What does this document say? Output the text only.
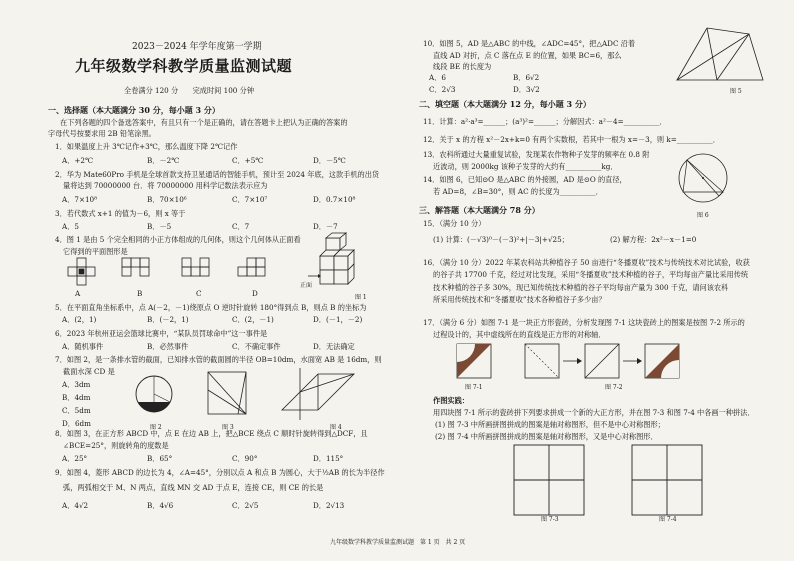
2023－2024 年学年度第一学期
九年级数学科教学质量监测试题
全卷满分 120 分　　完成时间 100 分钟
一、选择题（本大题满分 30 分，每小题 3 分）
在下列各题的四个备选答案中，有且只有一个是正确的，请在答题卡上把认为正确的答案的
字母代号按要求用 2B 铅笔涂黑。
1．如果温度上升 3℃记作+3℃，那么温度下降 2℃记作
A．+2℃	B．－2℃	C．+5℃	D．－5℃
2．华为 Mate60Pro 手机是全球首款支持卫星通话的智能手机，预计至 2024 年底，这款手机的出货
量将达到 70000000 台．将 70000000 用科学记数法表示应为
A．7×10⁸	B．70×10⁶	C．7×10⁷	D．0.7×10⁸
3．若代数式 x+1 的值为－6，则 x 等于
A．5	B．－5	C．7	D．－7
4．图 1 是由 5 个完全相同的小正方体组成的几何体，则这个几何体从正面看
它得到的平面图形是
A	B	C	D
正面
图 1
5．在平面直角坐标系中，点 A(－2，－1)绕原点 O 逆时针旋转 180°得到点 B，则点 B 的坐标为
A．(2，1)	B．(－2，1)	C．(2，－1)	D．(－1，－2)
6．2023 年杭州亚运会篮球比赛中，“某队员罚球命中”这一事件是
A．随机事件	B．必然事件	C．不确定事件	D．无法确定
7．如图 2，是一条排水管的截面，已知排水管的截面圆的半径 OB=10dm，水面宽 AB 是 16dm，则
截面水深 CD 是
A．3dm
B．4dm
C．5dm
D．6dm	图 2	图 3	图 4
8．如图 3，在正方形 ABCD 中，点 E 在边 AB 上，把△BCE 绕点 C 顺时针旋转得到△DCF，且
∠BCE=25°，则旋转角的度数是
A．25°	B．65°	C．90°	D．115°
9．如图 4，菱形 ABCD 的边长为 4，∠A=45°，分别以点 A 和点 B 为圆心，大于½AB 的长为半径作
弧，两弧相交于 M、N 两点，直线 MN 交 AD 于点 E，连接 CE，则 CE 的长是
A．4√2	B．4√6	C．2√5	D．2√13
10．如图 5，AD 是△ABC 的中线，∠ADC=45°，把△ADC 沿着
直线 AD 对折，点 C 落在点 E 的位置，如果 BC=6，那么
线段 BE 的长度为
A．6	B．6√2
C．2√3	D．3√2	图 5
二、填空题（本大题满分 12 分，每小题 3 分）
11．计算：a²·a³=______；(a³)²=______；分解因式：a²－4=__________．
12．关于 x 的方程 x²－2x+k=0 有两个实数根，若其中一根为 x=－3，则 k=__________．
13．农科所通过大量重复试验，发现某农作物种子发芽的频率在 0.8 附
近波动，则 2000kg 该种子发芽的大约有__________kg．
14．如图 6，已知⊙O 是△ABC 的外接圆，AD 是⊙O 的直径，
若 AD=8，∠B=30°，则 AC 的长度为__________．
图 6
三、解答题（本大题满分 78 分）
15．（满分 10 分）
(1) 计算：(－√3)⁰－(－3)²+|－3|+√25；	(2) 解方程：2x²－x－1=0
16．（满分 10 分）2022 年某农科站共种植谷子 50 亩进行“冬播夏收”技术与传统技术对比试验，收获
的谷子共 17700 千克，经过对比发现，采用“冬播夏收”技术种植的谷子，平均每亩产量比采用传统
技术种植的谷子多 30%，现已知传统技术种植的谷子平均每亩产量为 300 千克，请问该农科
所采用传统技术和“冬播夏收”技术各种植谷子多少亩？
17．（满分 6 分）如图 7-1 是一块正方形瓷砖，分析发现图 7-1 这块瓷砖上的图案是按图 7-2 所示的
过程设计的，其中虚线所在的直线是正方形的对称轴．
图 7-1	图 7-2
作图实践：
用四块图 7-1 所示的瓷砖拼下列要求拼成一个新的大正方形，并在图 7-3 和图 7-4 中各画一种拼法．
(1) 图 7-3 中所画拼图拼成的图案是轴对称图形，但不是中心对称图形；
(2) 图 7-4 中所画拼图拼成的图案是轴对称图形，又是中心对称图形．
图 7-3	图 7-4
九年级数学科教学质量监测试题　第 1 页　共 2 页
